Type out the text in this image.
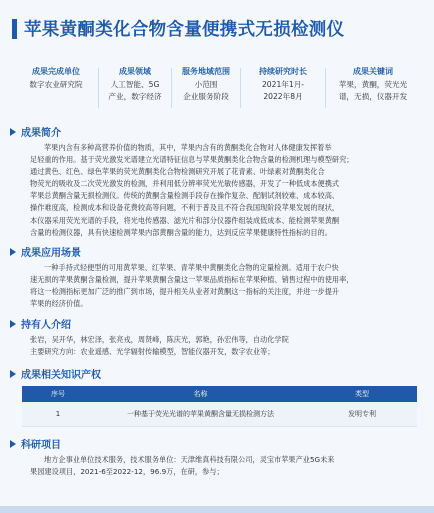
苹果黄酮类化合物含量便携式无损检测仪
成果完成单位
数字农业研究院
成果领域
人工智能、5G
产业，数字经济
服务地域范围
小范围
企业服务阶段
持续研究时长
2021年1月-
2022年8月
成果关键词
苹果，黄酮，荧光光
谱，无损，仪器开发
成果简介
苹果内含有多种高营养价值的物质，其中，苹果内含有的黄酮类化合物对人体健康发挥着举
足轻重的作用。基于荧光激发光谱建立光谱特征信息与苹果黄酮类化合物含量的检测机理与模型研究；
通过黄色、红色、绿色苹果的荧光黄酮类化合物检测研究开展了花青素、叶绿素对黄酮类化合
物荧光的吸收及二次荧光激发的检测，并利用低分辨率荧光光敏传感器，开发了一种低成本便携式
苹果总黄酮含量无损检测仪。传统的黄酮含量检测手段存在操作复杂、配制试剂较难、成本较高、
操作难度高，检测成本和设备花费较高等问题，不利于普及且不符合我国现阶段苹果发展的现状，
本仪器采用荧光光谱的手段，将光电传感器、滤光片和部分仪器件组装成低成本、能检测苹果黄酮
含量的检测仪器，具有快速检测苹果内部黄酮含量的能力，达到反应苹果健康特性指标的目的。
成果应用场景
一种手持式轻便型的可用黄苹果、红苹果、青苹果中黄酮类化合物的定量检测。适用于农户快
速无损的苹果黄酮含量检测，提升苹果黄酮含量这一苹果品质指标在苹果种植、销售过程中的使用率，
将这一检测指标更加广泛的推广到市场，提升相关从业者对黄酮这一指标的关注度，并进一步提升
苹果的经济价值。
持有人介绍
张岩，吴开华，林宏泽，张亮戎，周贤峰，陈庆光，郭艳，孙宏伟等，自动化学院
主要研究方向：农业遥感、光学辐射传输模型，智能仪器开发，数字农业等；
成果相关知识产权
序号	名称	类型
1	一种基于荧光光谱的苹果黄酮含量无损检测方法	发明专利
科研项目
地方企事业单位技术服务，技术服务单位：天津维真科技有限公司，灵宝市苹果产业5G未来
果园建设项目，2021-6至2022-12，96.9万，在研，参与；
